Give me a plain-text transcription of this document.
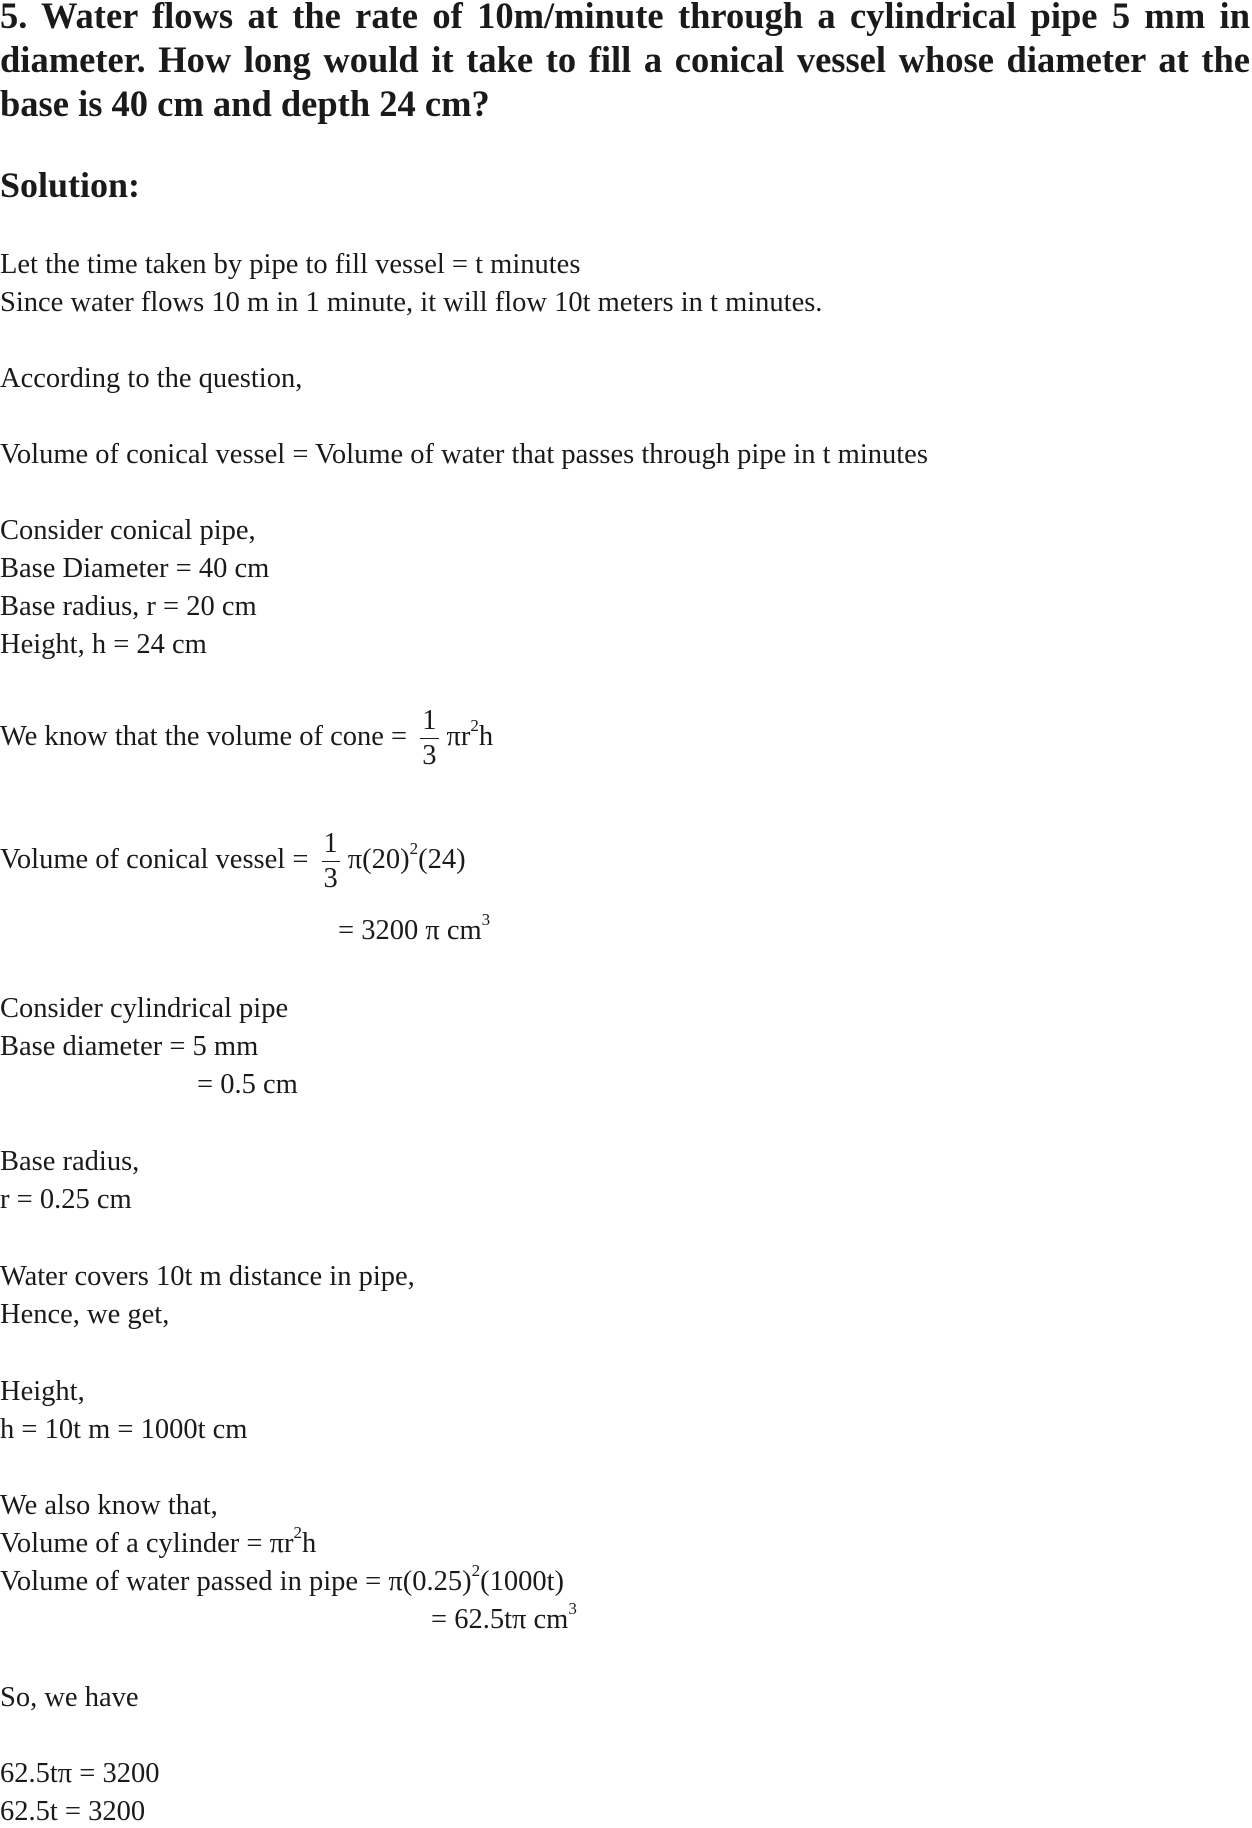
5. Water flows at the rate of 10m/minute through a cylindrical pipe 5 mm in diameter. How long would it take to fill a conical vessel whose diameter at the base is 40 cm and depth 24 cm?

Solution:
Let the time taken by pipe to fill vessel = t minutes
Since water flows 10 m in 1 minute, it will flow 10t meters in t minutes.
According to the question,
Volume of conical vessel = Volume of water that passes through pipe in t minutes
Consider conical pipe,
Base Diameter = 40 cm
Base radius, r = 20 cm
Height, h = 24 cm
We know that the volume of cone = $\frac{1}{3} \pi r^2h$
Volume of conical vessel = $\frac{1}{3} \pi(20)^2(24)$
= 3200 π $cm^3$
Consider cylindrical pipe
Base diameter = 5 mm
= 0.5 cm
Base radius,
r = 0.25 cm
Water covers 10t m distance in pipe,
Hence, we get,
Height,
h = 10t m = 1000t cm
We also know that,
Volume of a cylinder = $\pi r^2h$
Volume of water passed in pipe = $\pi(0.25)^2(1000t)$
= 62.5tπ $cm^3$
So, we have
62.5tπ = 3200
62.5t = 3200
